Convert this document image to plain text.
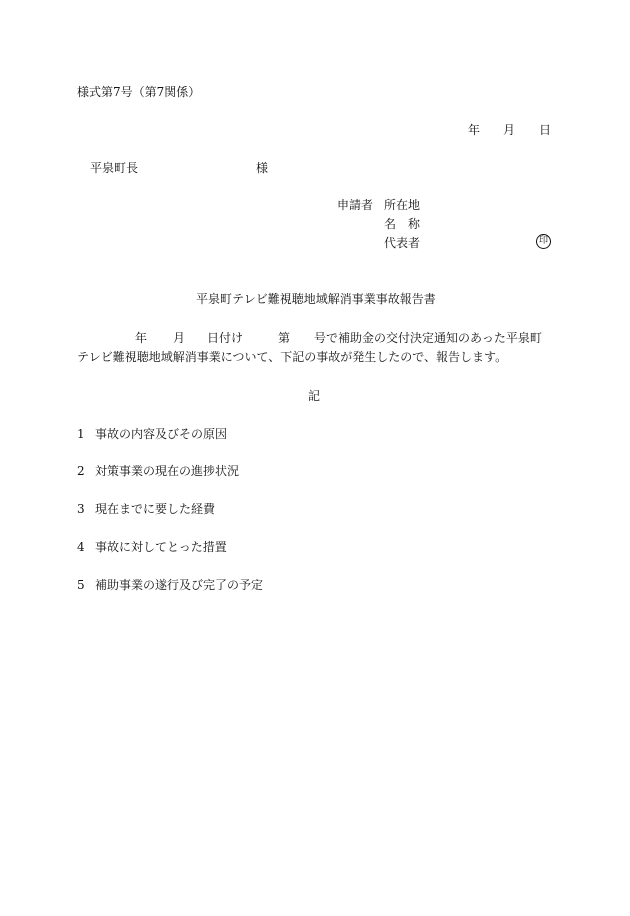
様式第7号（第7関係）
年 月 日
平泉町長	様
申請者 所在地
名 称
代表者	印
平泉町テレビ難視聴地域解消事業事故報告書
年 月 日付け	第 号で補助金の交付決定通知のあった平泉町
テレビ難視聴地域解消事業について、下記の事故が発生したので、報告します。
記
1 事故の内容及びその原因
2 対策事業の現在の進捗状況
3 現在までに要した経費
4 事故に対してとった措置
5 補助事業の遂行及び完了の予定
